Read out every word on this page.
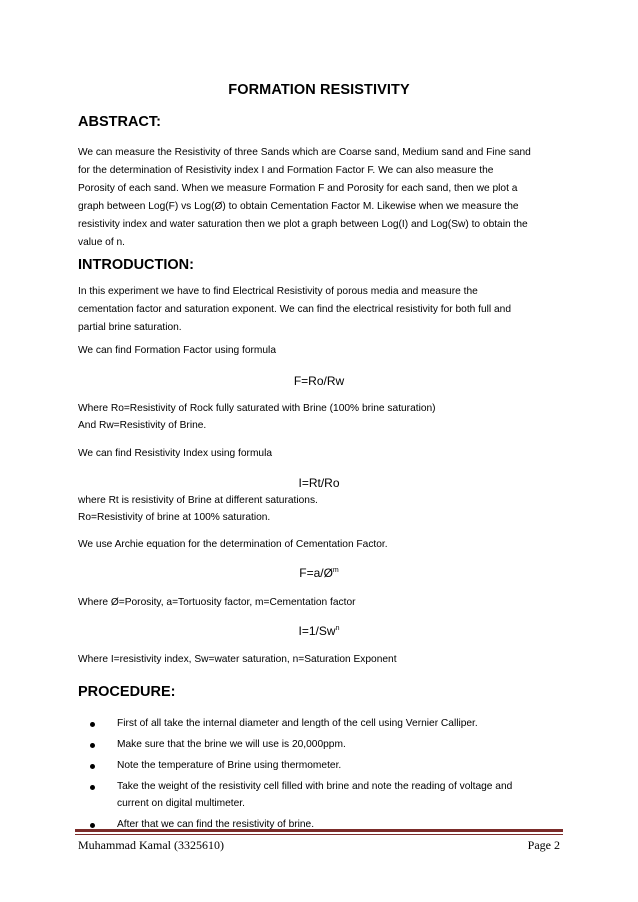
FORMATION RESISTIVITY
ABSTRACT:
We can measure the Resistivity of three Sands which are Coarse sand, Medium sand and Fine sand
for the determination of Resistivity index I and Formation Factor F. We can also measure the
Porosity of each sand. When we measure Formation F and Porosity for each sand, then we plot a
graph between Log(F) vs Log(Ø) to obtain Cementation Factor M. Likewise when we measure the
resistivity index and water saturation then we plot a graph between Log(I) and Log(Sw) to obtain the
value of n.
INTRODUCTION:
In this experiment we have to find Electrical Resistivity of porous media and measure the
cementation factor and saturation exponent. We can find the electrical resistivity for both full and
partial brine saturation.
We can find Formation Factor using formula
F=Ro/Rw
Where Ro=Resistivity of Rock fully saturated with Brine (100% brine saturation)
And Rw=Resistivity of Brine.
We can find Resistivity Index using formula
I=Rt/Ro
where Rt is resistivity of Brine at different saturations.
Ro=Resistivity of brine at 100% saturation.
We use Archie equation for the determination of Cementation Factor.
$F=a/Ø^m$
Where Ø=Porosity, a=Tortuosity factor, m=Cementation factor
$I=1/Sw^n$
Where I=resistivity index, Sw=water saturation, n=Saturation Exponent
PROCEDURE:
First of all take the internal diameter and length of the cell using Vernier Calliper.
Make sure that the brine we will use is 20,000ppm.
Note the temperature of Brine using thermometer.
Take the weight of the resistivity cell filled with brine and note the reading of voltage and
current on digital multimeter.
After that we can find the resistivity of brine.
Muhammad Kamal (3325610)	Page 2
